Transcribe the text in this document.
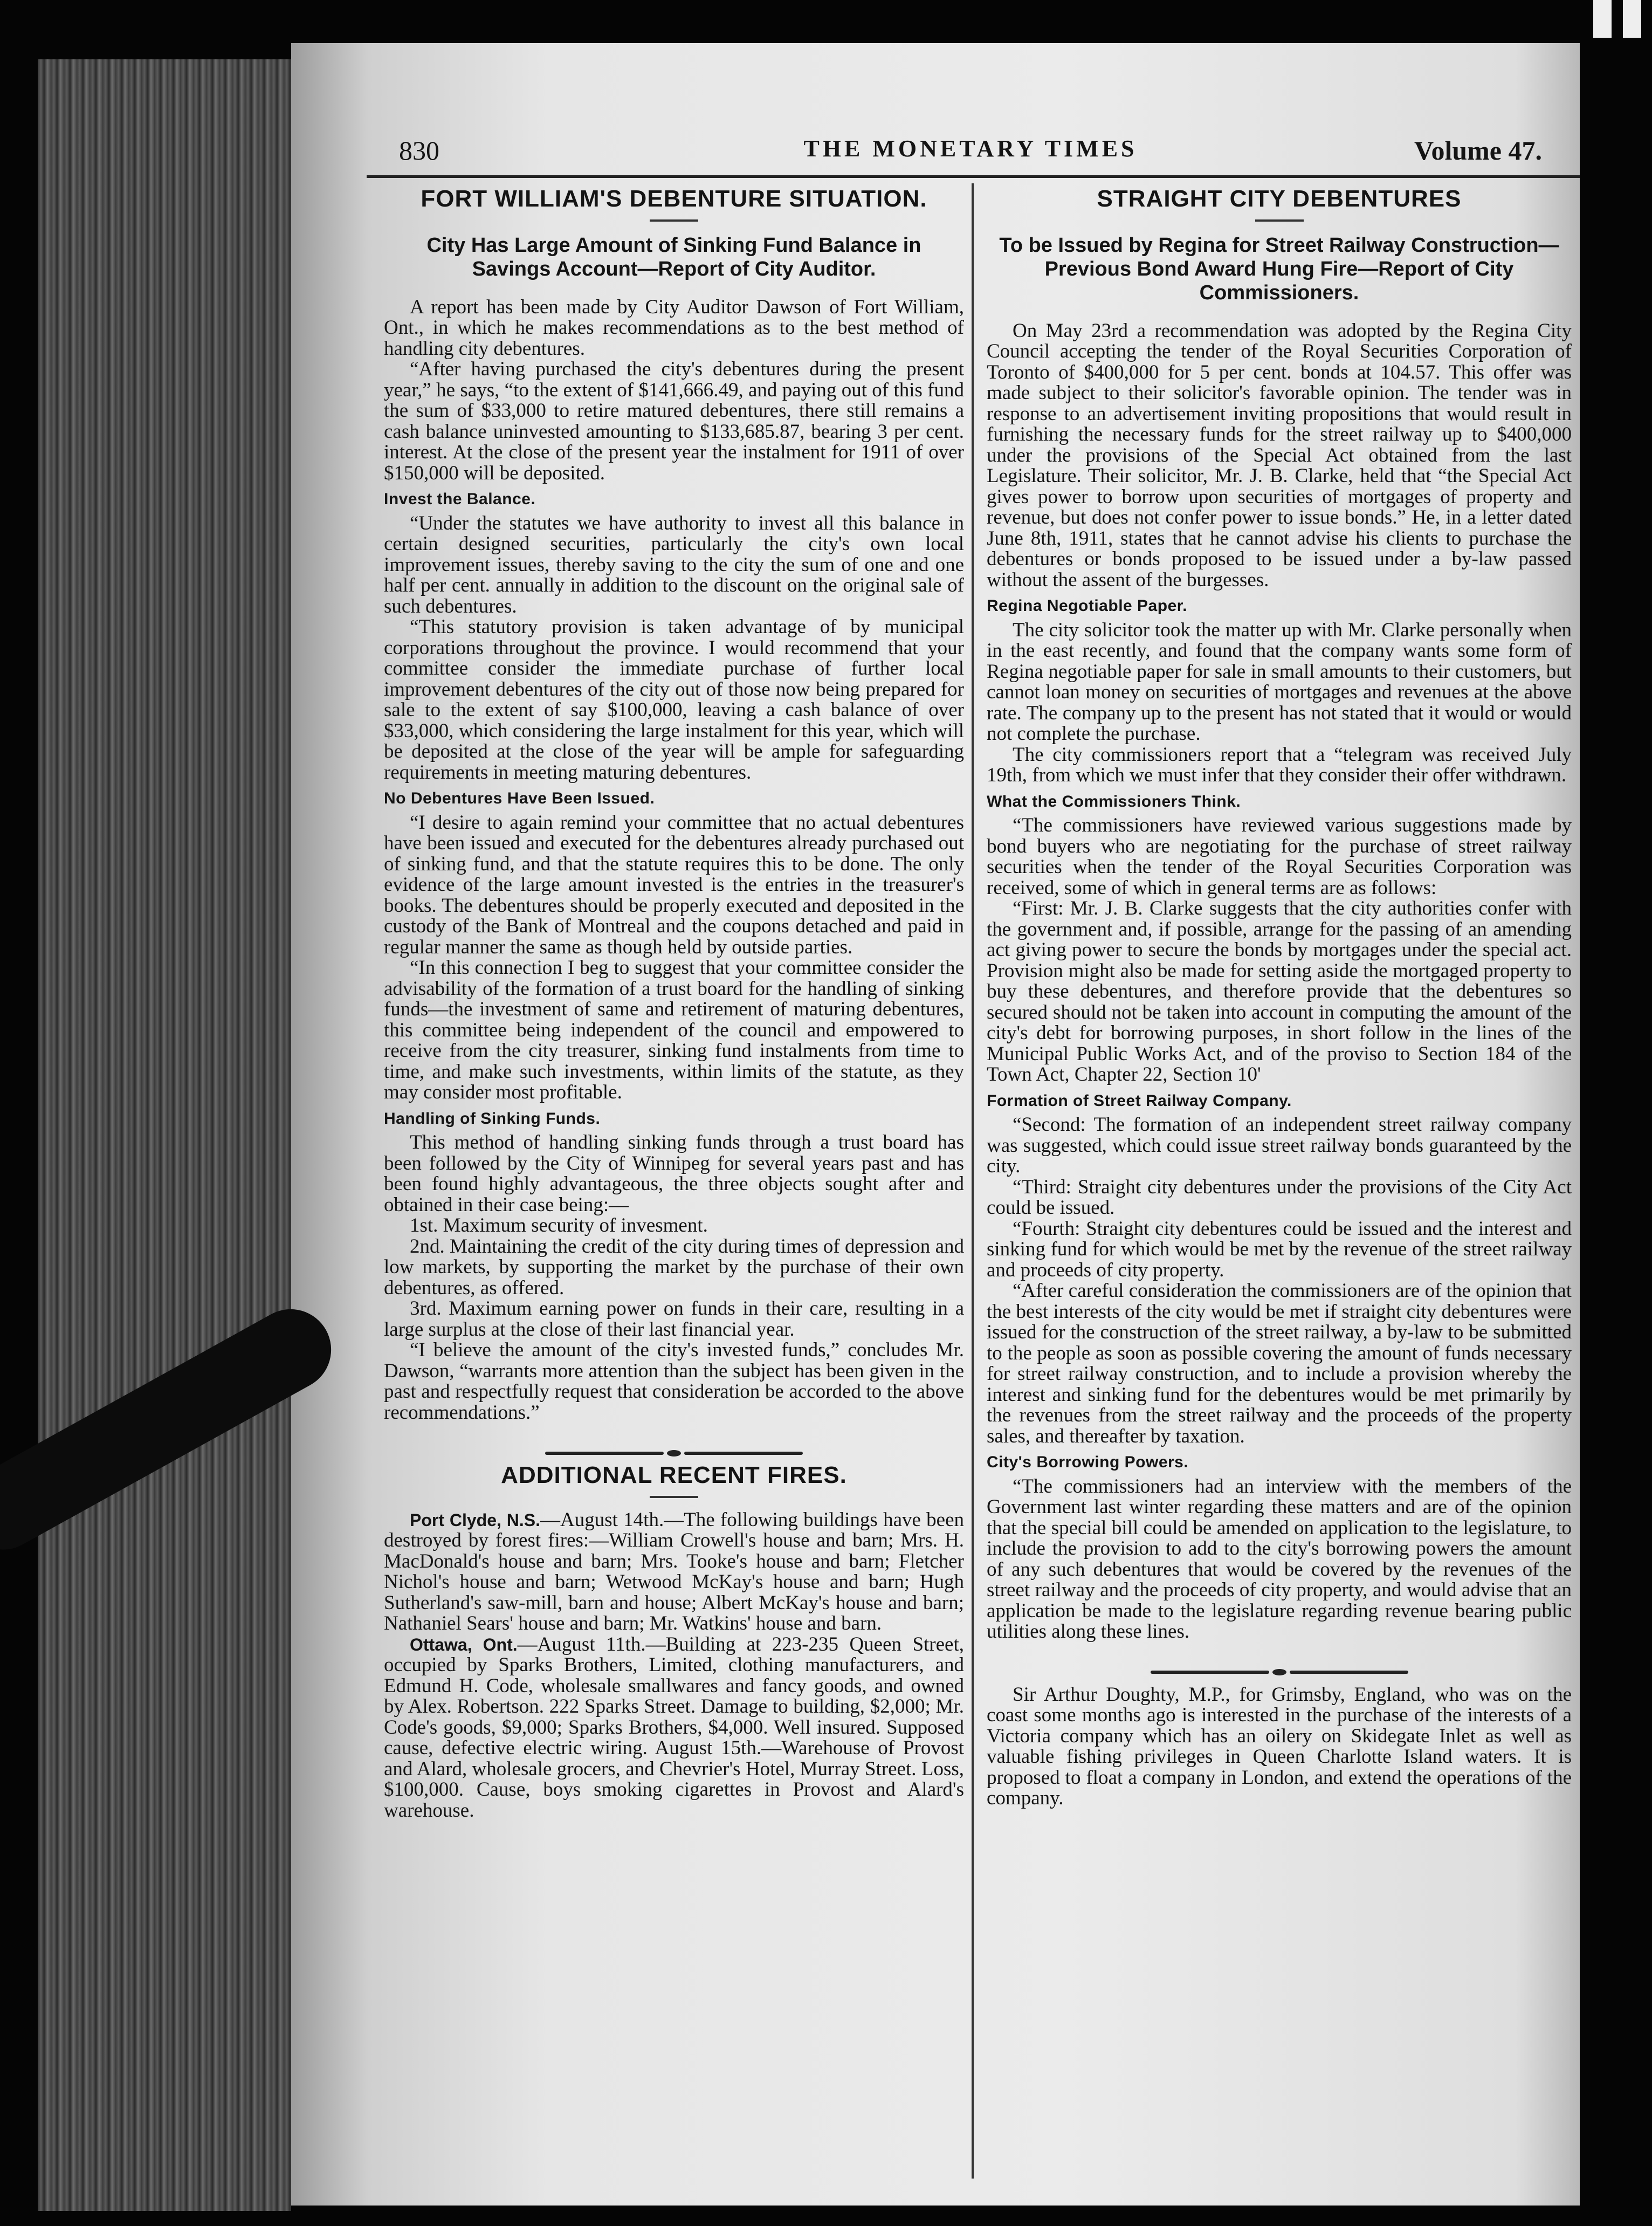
830	THE MONETARY TIMES	Volume 47.
FORT WILLIAM'S DEBENTURE SITUATION.
City Has Large Amount of Sinking Fund Balance in Savings Account—Report of City Auditor.

A report has been made by City Auditor Dawson of Fort William, Ont., in which he makes recommendations as to the best method of handling city debentures.

“After having purchased the city's debentures during the present year,” he says, “to the extent of $141,666.49, and paying out of this fund the sum of $33,000 to retire matured debentures, there still remains a cash balance uninvested amounting to $133,685.87, bearing 3 per cent. interest. At the close of the present year the instalment for 1911 of over $150,000 will be deposited.

Invest the Balance.

“Under the statutes we have authority to invest all this balance in certain designed securities, particularly the city's own local improvement issues, thereby saving to the city the sum of one and one half per cent. annually in addition to the discount on the original sale of such debentures.

“This statutory provision is taken advantage of by municipal corporations throughout the province. I would recommend that your committee consider the immediate purchase of further local improvement debentures of the city out of those now being prepared for sale to the extent of say $100,000, leaving a cash balance of over $33,000, which considering the large instalment for this year, which will be deposited at the close of the year will be ample for safeguarding requirements in meeting maturing debentures.

No Debentures Have Been Issued.

“I desire to again remind your committee that no actual debentures have been issued and executed for the debentures already purchased out of sinking fund, and that the statute requires this to be done. The only evidence of the large amount invested is the entries in the treasurer's books. The debentures should be properly executed and deposited in the custody of the Bank of Montreal and the coupons detached and paid in regular manner the same as though held by outside parties.

“In this connection I beg to suggest that your committee consider the advisability of the formation of a trust board for the handling of sinking funds—the investment of same and retirement of maturing debentures, this committee being independent of the council and empowered to receive from the city treasurer, sinking fund instalments from time to time, and make such investments, within limits of the statute, as they may consider most profitable.

Handling of Sinking Funds.

This method of handling sinking funds through a trust board has been followed by the City of Winnipeg for several years past and has been found highly advantageous, the three objects sought after and obtained in their case being:—

1st. Maximum security of invesment.

2nd. Maintaining the credit of the city during times of depression and low markets, by supporting the market by the purchase of their own debentures, as offered.

3rd. Maximum earning power on funds in their care, resulting in a large surplus at the close of their last financial year.

“I believe the amount of the city's invested funds,” concludes Mr. Dawson, “warrants more attention than the subject has been given in the past and respectfully request that consideration be accorded to the above recommendations.”

ADDITIONAL RECENT FIRES.

Port Clyde, N.S.—August 14th.—The following buildings have been destroyed by forest fires:—William Crowell's house and barn; Mrs. H. MacDonald's house and barn; Mrs. Tooke's house and barn; Fletcher Nichol's house and barn; Wetwood McKay's house and barn; Hugh Sutherland's saw-mill, barn and house; Albert McKay's house and barn; Nathaniel Sears' house and barn; Mr. Watkins' house and barn.

Ottawa, Ont.—August 11th.—Building at 223-235 Queen Street, occupied by Sparks Brothers, Limited, clothing manufacturers, and Edmund H. Code, wholesale smallwares and fancy goods, and owned by Alex. Robertson. 222 Sparks Street. Damage to building, $2,000; Mr. Code's goods, $9,000; Sparks Brothers, $4,000. Well insured. Supposed cause, defective electric wiring. August 15th.—Warehouse of Provost and Alard, wholesale grocers, and Chevrier's Hotel, Murray Street. Loss, $100,000. Cause, boys smoking cigarettes in Provost and Alard's warehouse.

STRAIGHT CITY DEBENTURES
To be Issued by Regina for Street Railway Construction—Previous Bond Award Hung Fire—Report of City Commissioners.

On May 23rd a recommendation was adopted by the Regina City Council accepting the tender of the Royal Securities Corporation of Toronto of $400,000 for 5 per cent. bonds at 104.57. This offer was made subject to their solicitor's favorable opinion. The tender was in response to an advertisement inviting propositions that would result in furnishing the necessary funds for the street railway up to $400,000 under the provisions of the Special Act obtained from the last Legislature. Their solicitor, Mr. J. B. Clarke, held that “the Special Act gives power to borrow upon securities of mortgages of property and revenue, but does not confer power to issue bonds.” He, in a letter dated June 8th, 1911, states that he cannot advise his clients to purchase the debentures or bonds proposed to be issued under a by-law passed without the assent of the burgesses.

Regina Negotiable Paper.

The city solicitor took the matter up with Mr. Clarke personally when in the east recently, and found that the company wants some form of Regina negotiable paper for sale in small amounts to their customers, but cannot loan money on securities of mortgages and revenues at the above rate. The company up to the present has not stated that it would or would not complete the purchase.

The city commissioners report that a “telegram was received July 19th, from which we must infer that they consider their offer withdrawn.

What the Commissioners Think.

“The commissioners have reviewed various suggestions made by bond buyers who are negotiating for the purchase of street railway securities when the tender of the Royal Securities Corporation was received, some of which in general terms are as follows:

“First: Mr. J. B. Clarke suggests that the city authorities confer with the government and, if possible, arrange for the passing of an amending act giving power to secure the bonds by mortgages under the special act. Provision might also be made for setting aside the mortgaged property to buy these debentures, and therefore provide that the debentures so secured should not be taken into account in computing the amount of the city's debt for borrowing purposes, in short follow in the lines of the Municipal Public Works Act, and of the proviso to Section 184 of the Town Act, Chapter 22, Section 10'

Formation of Street Railway Company.

“Second: The formation of an independent street railway company was suggested, which could issue street railway bonds guaranteed by the city.

“Third: Straight city debentures under the provisions of the City Act could be issued.

“Fourth: Straight city debentures could be issued and the interest and sinking fund for which would be met by the revenue of the street railway and proceeds of city property.

“After careful consideration the commissioners are of the opinion that the best interests of the city would be met if straight city debentures were issued for the construction of the street railway, a by-law to be submitted to the people as soon as possible covering the amount of funds necessary for street railway construction, and to include a provision whereby the interest and sinking fund for the debentures would be met primarily by the revenues from the street railway and the proceeds of the property sales, and thereafter by taxation.

City's Borrowing Powers.

“The commissioners had an interview with the members of the Government last winter regarding these matters and are of the opinion that the special bill could be amended on application to the legislature, to include the provision to add to the city's borrowing powers the amount of any such debentures that would be covered by the revenues of the street railway and the proceeds of city property, and would advise that an application be made to the legislature regarding revenue bearing public utilities along these lines.

Sir Arthur Doughty, M.P., for Grimsby, England, who was on the coast some months ago is interested in the purchase of the interests of a Victoria company which has an oilery on Skidegate Inlet as well as valuable fishing privileges in Queen Charlotte Island waters. It is proposed to float a company in London, and extend the operations of the company.
